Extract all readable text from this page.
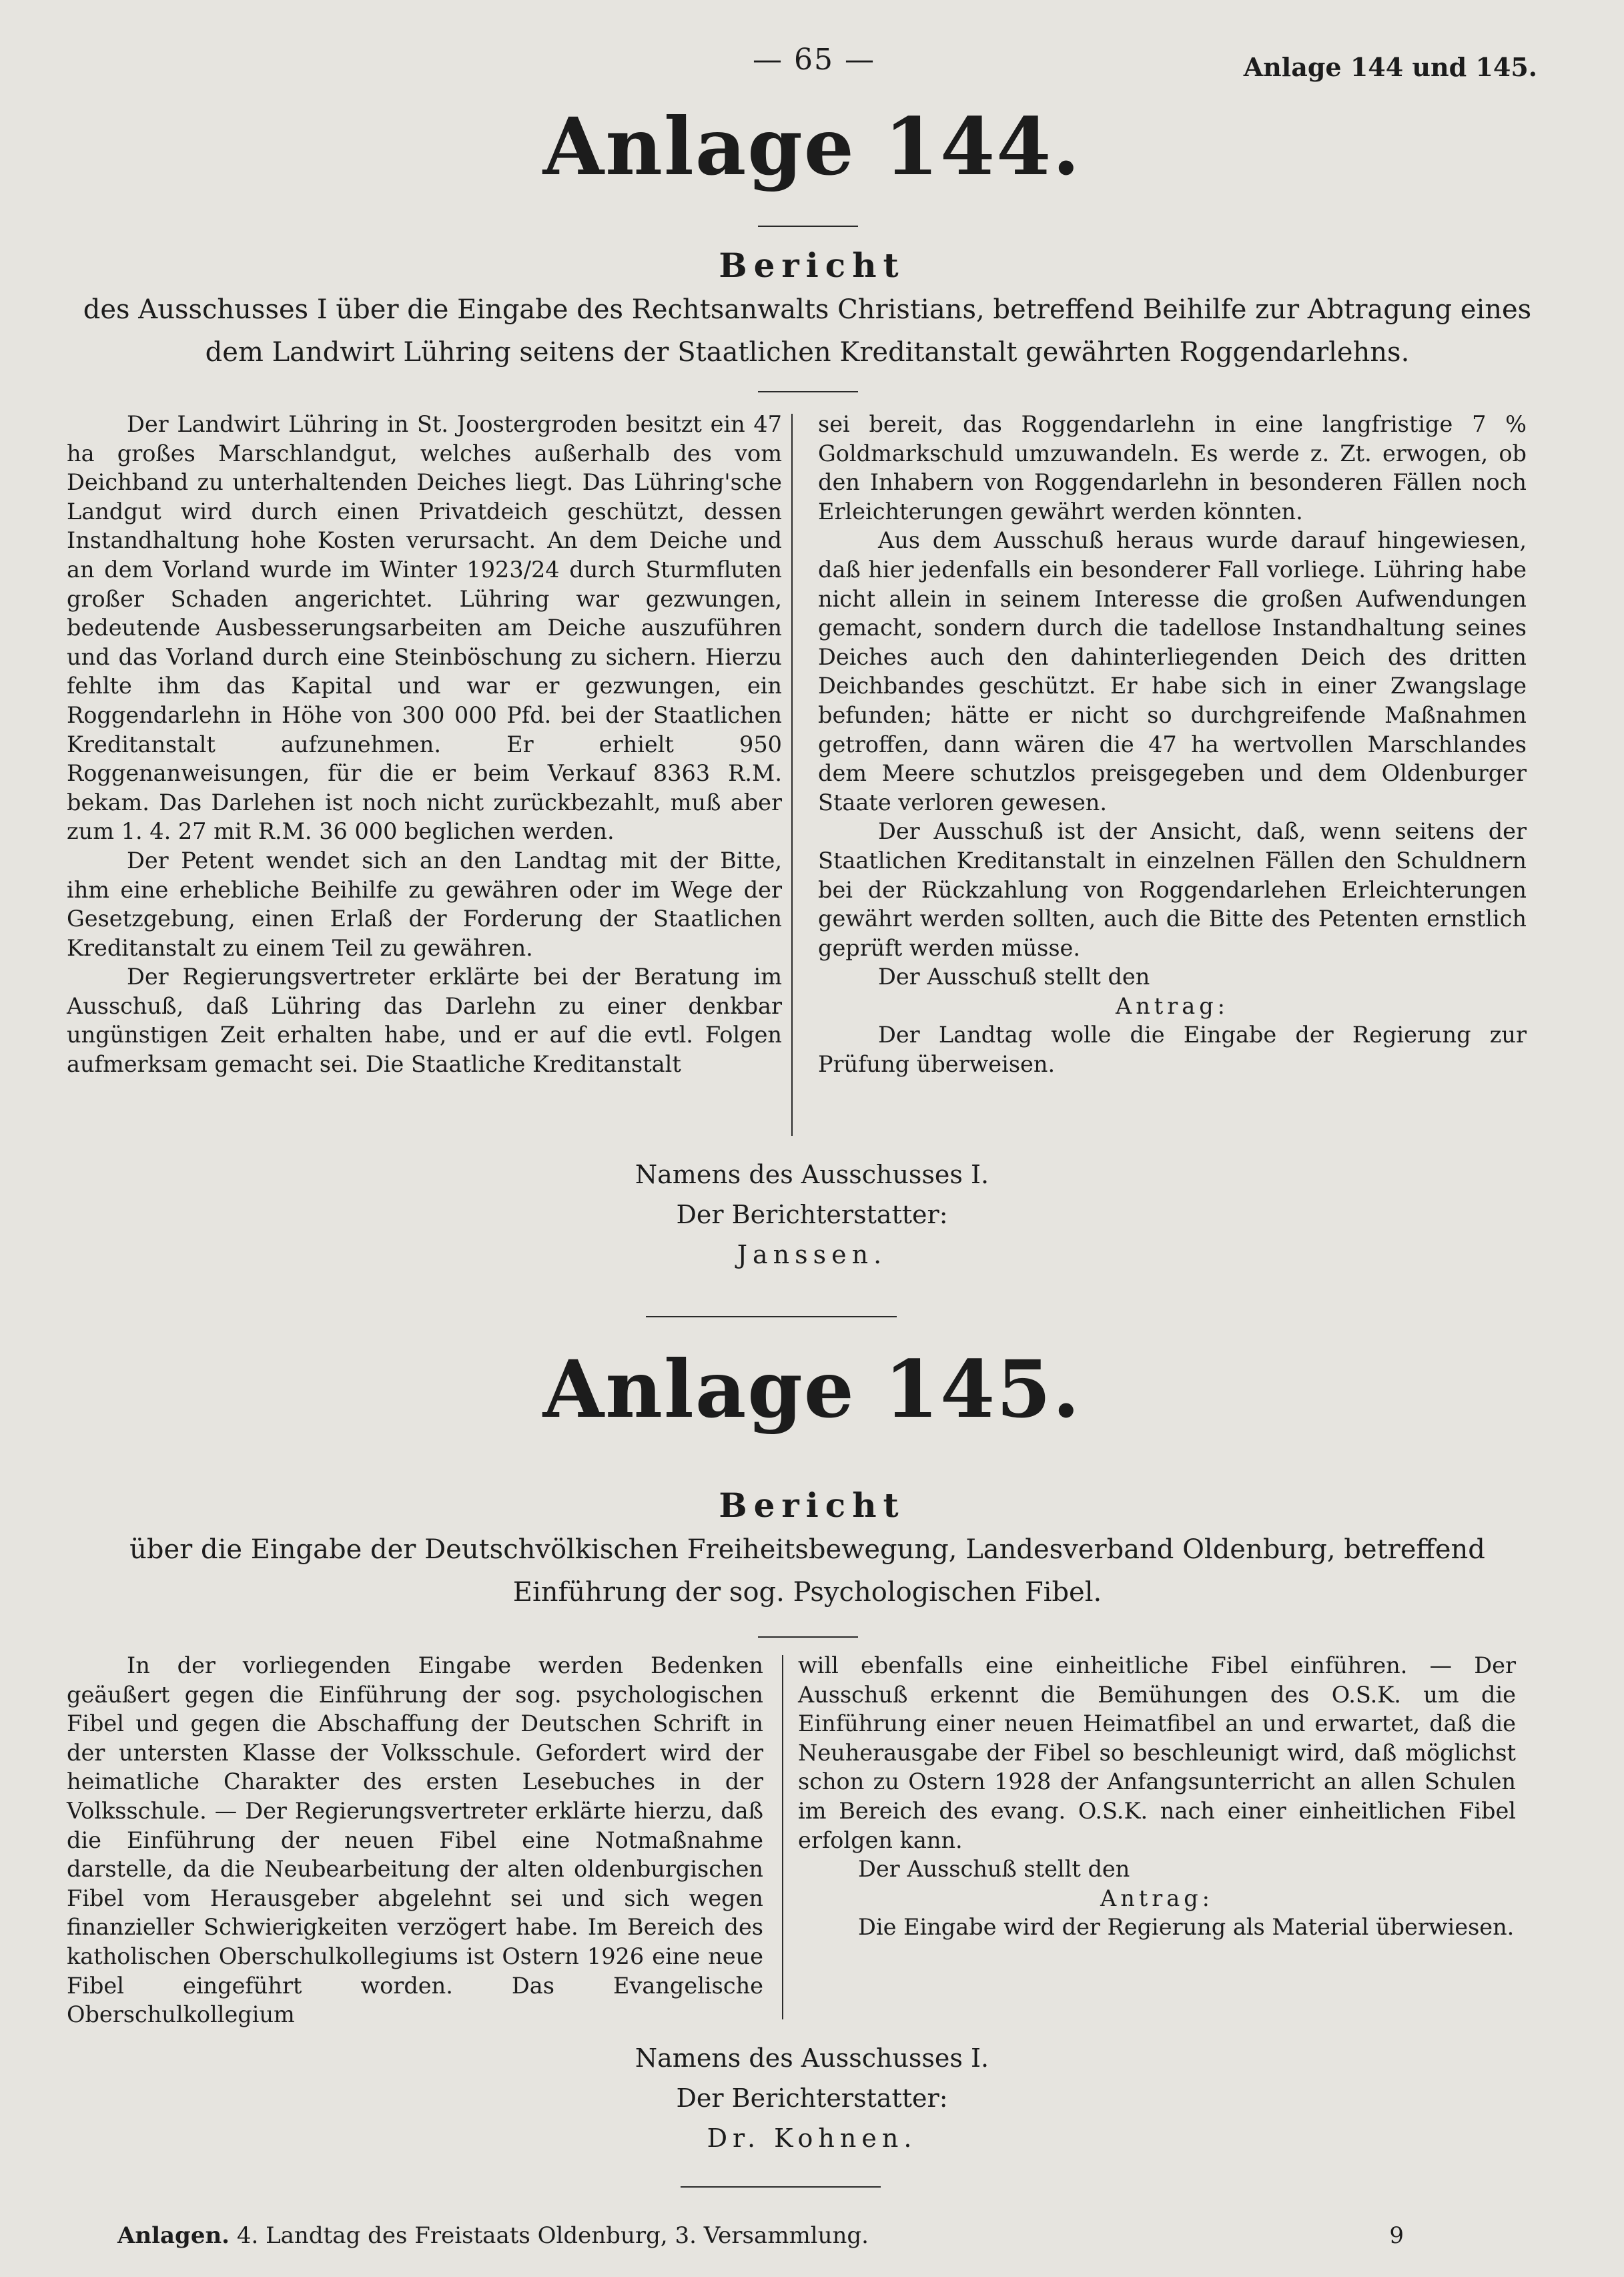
— 65 —	Anlage 144 und 145.
Anlage 144.
Bericht
des Ausschusses I über die Eingabe des Rechtsanwalts Christians, betreffend Beihilfe zur Abtragung eines dem Landwirt Lühring seitens der Staatlichen Kreditanstalt gewährten Roggendarlehns.

Der Landwirt Lühring in St. Joostergroden besitzt ein 47 ha großes Marschlandgut, welches außerhalb des vom Deichband zu unterhaltenden Deiches liegt. Das Lühring'sche Landgut wird durch einen Privatdeich geschützt, dessen Instandhaltung hohe Kosten verursacht. An dem Deiche und an dem Vorland wurde im Winter 1923/24 durch Sturmfluten großer Schaden angerichtet. Lühring war gezwungen, bedeutende Ausbesserungsarbeiten am Deiche auszuführen und das Vorland durch eine Steinböschung zu sichern. Hierzu fehlte ihm das Kapital und war er gezwungen, ein Roggendarlehn in Höhe von 300 000 Pfd. bei der Staatlichen Kreditanstalt aufzunehmen. Er erhielt 950 Roggenanweisungen, für die er beim Verkauf 8363 R.M. bekam. Das Darlehen ist noch nicht zurückbezahlt, muß aber zum 1. 4. 27 mit R.M. 36 000 beglichen werden.

Der Petent wendet sich an den Landtag mit der Bitte, ihm eine erhebliche Beihilfe zu gewähren oder im Wege der Gesetzgebung, einen Erlaß der Forderung der Staatlichen Kreditanstalt zu einem Teil zu gewähren.

Der Regierungsvertreter erklärte bei der Beratung im Ausschuß, daß Lühring das Darlehn zu einer denkbar ungünstigen Zeit erhalten habe, und er auf die evtl. Folgen aufmerksam gemacht sei. Die Staatliche Kreditanstalt

sei bereit, das Roggendarlehn in eine langfristige 7 % Goldmarkschuld umzuwandeln. Es werde z. Zt. erwogen, ob den Inhabern von Roggendarlehn in besonderen Fällen noch Erleichterungen gewährt werden könnten.

Aus dem Ausschuß heraus wurde darauf hingewiesen, daß hier jedenfalls ein besonderer Fall vorliege. Lühring habe nicht allein in seinem Interesse die großen Aufwendungen gemacht, sondern durch die tadellose Instandhaltung seines Deiches auch den dahinterliegenden Deich des dritten Deichbandes geschützt. Er habe sich in einer Zwangslage befunden; hätte er nicht so durchgreifende Maßnahmen getroffen, dann wären die 47 ha wertvollen Marschlandes dem Meere schutzlos preisgegeben und dem Oldenburger Staate verloren gewesen.

Der Ausschuß ist der Ansicht, daß, wenn seitens der Staatlichen Kreditanstalt in einzelnen Fällen den Schuldnern bei der Rückzahlung von Roggendarlehen Erleichterungen gewährt werden sollten, auch die Bitte des Petenten ernstlich geprüft werden müsse.

Der Ausschuß stellt den

Antrag:

Der Landtag wolle die Eingabe der Regierung zur Prüfung überweisen.

Namens des Ausschusses I.
Der Berichterstatter:
Janssen.
Anlage 145.
Bericht
über die Eingabe der Deutschvölkischen Freiheitsbewegung, Landesverband Oldenburg, betreffend Einführung der sog. Psychologischen Fibel.

In der vorliegenden Eingabe werden Bedenken geäußert gegen die Einführung der sog. psychologischen Fibel und gegen die Abschaffung der Deutschen Schrift in der untersten Klasse der Volksschule. Gefordert wird der heimatliche Charakter des ersten Lesebuches in der Volksschule. — Der Regierungsvertreter erklärte hierzu, daß die Einführung der neuen Fibel eine Notmaßnahme darstelle, da die Neubearbeitung der alten oldenburgischen Fibel vom Herausgeber abgelehnt sei und sich wegen finanzieller Schwierigkeiten verzögert habe. Im Bereich des katholischen Oberschulkollegiums ist Ostern 1926 eine neue Fibel eingeführt worden. Das Evangelische Oberschulkollegium

will ebenfalls eine einheitliche Fibel einführen. — Der Ausschuß erkennt die Bemühungen des O.S.K. um die Einführung einer neuen Heimatfibel an und erwartet, daß die Neuherausgabe der Fibel so beschleunigt wird, daß möglichst schon zu Ostern 1928 der Anfangsunterricht an allen Schulen im Bereich des evang. O.S.K. nach einer einheitlichen Fibel erfolgen kann.

Der Ausschuß stellt den

Antrag:

Die Eingabe wird der Regierung als Material überwiesen.

Namens des Ausschusses I.
Der Berichterstatter:
Dr. Kohnen.
Anlagen. 4. Landtag des Freistaats Oldenburg, 3. Versammlung.	9
